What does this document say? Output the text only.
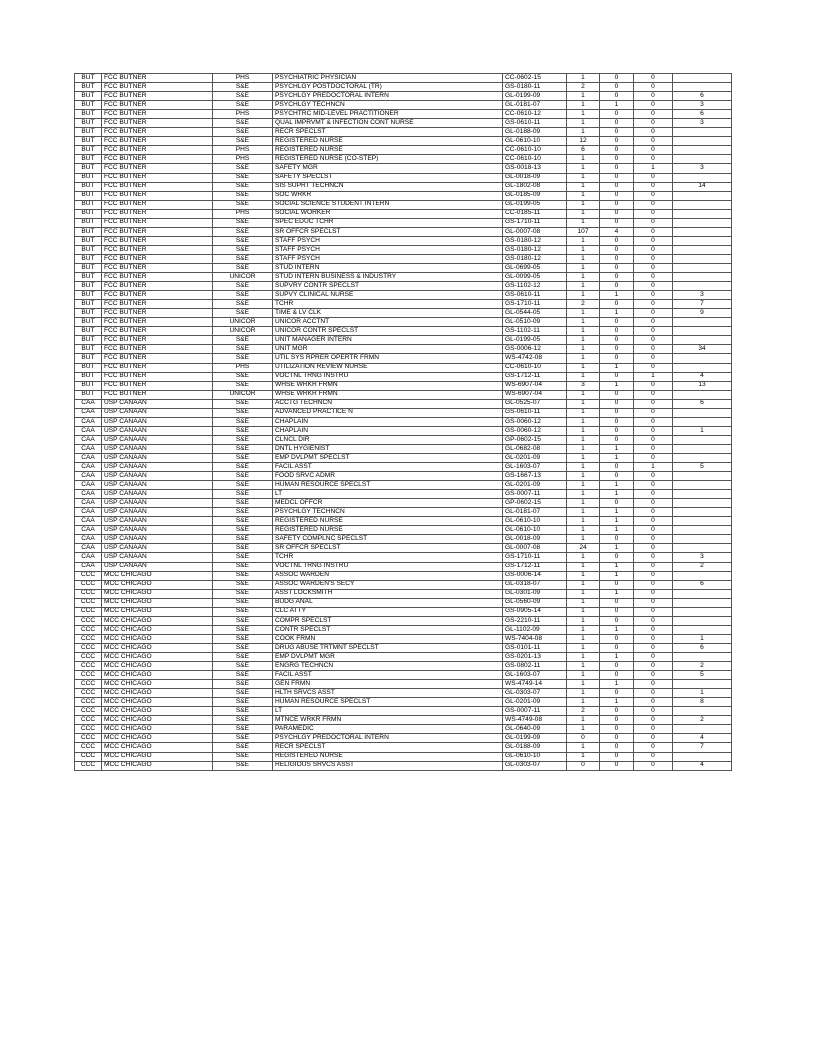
BUT	FCC BUTNER	PHS	PSYCHIATRIC PHYSICIAN	CC-0602-15	1	0	0	
BUT	FCC BUTNER	S&E	PSYCHLGY POSTDOCTORAL (TR)	GS-0180-11	2	0	0	
BUT	FCC BUTNER	S&E	PSYCHLGY PREDOCTORAL INTERN	GL-0199-09	1	0	0	6
BUT	FCC BUTNER	S&E	PSYCHLGY TECHNCN	GL-0181-07	1	1	0	3
BUT	FCC BUTNER	PHS	PSYCHTRC MID-LEVEL PRACTITIONER	CC-0610-12	1	0	0	6
BUT	FCC BUTNER	S&E	QUAL IMPRVMT & INFECTION CONT NURSE	GS-0610-11	1	0	0	3
BUT	FCC BUTNER	S&E	RECR SPECLST	GL-0188-09	1	0	0	
BUT	FCC BUTNER	S&E	REGISTERED NURSE	GL-0610-10	12	0	0	
BUT	FCC BUTNER	PHS	REGISTERED NURSE	CC-0610-10	6	0	0	
BUT	FCC BUTNER	PHS	REGISTERED NURSE (CO-STEP)	CC-0610-10	1	0	0	
BUT	FCC BUTNER	S&E	SAFETY MGR	GS-0018-13	1	0	1	3
BUT	FCC BUTNER	S&E	SAFETY SPECLST	GL-0018-09	1	0	0	
BUT	FCC BUTNER	S&E	SIS SUPRT TECHNCN	GL-1802-08	1	0	0	14
BUT	FCC BUTNER	S&E	SOC WRKR	GL-0185-09	1	0	0	
BUT	FCC BUTNER	S&E	SOCIAL SCIENCE STUDENT INTERN	GL-0199-05	1	0	0	
BUT	FCC BUTNER	PHS	SOCIAL WORKER	CC-0185-11	1	0	0	
BUT	FCC BUTNER	S&E	SPEC EDUC TCHR	GS-1710-11	1	0	0	
BUT	FCC BUTNER	S&E	SR OFFCR SPECLST	GL-0007-08	107	4	0	
BUT	FCC BUTNER	S&E	STAFF PSYCH	GS-0180-12	1	0	0	
BUT	FCC BUTNER	S&E	STAFF PSYCH	GS-0180-12	1	0	0	
BUT	FCC BUTNER	S&E	STAFF PSYCH	GS-0180-12	1	0	0	
BUT	FCC BUTNER	S&E	STUD INTERN	GL-0699-05	1	0	0	
BUT	FCC BUTNER	UNICOR	STUD INTERN BUSINESS & INDUSTRY	GL-0099-05	1	0	0	
BUT	FCC BUTNER	S&E	SUPVRY CONTR SPECLST	GS-1102-12	1	0	0	
BUT	FCC BUTNER	S&E	SUPVY CLINICAL NURSE	GS-0610-11	1	1	0	3
BUT	FCC BUTNER	S&E	TCHR	GS-1710-11	2	0	0	7
BUT	FCC BUTNER	S&E	TIME & LV CLK	GL-0544-05	1	1	0	9
BUT	FCC BUTNER	UNICOR	UNICOR ACCTNT	GL-0510-09	1	0	0	
BUT	FCC BUTNER	UNICOR	UNICOR CONTR SPECLST	GS-1102-11	1	0	0	
BUT	FCC BUTNER	S&E	UNIT MANAGER INTERN	GL-0199-05	1	0	0	
BUT	FCC BUTNER	S&E	UNIT MGR	GS-0006-12	1	0	0	34
BUT	FCC BUTNER	S&E	UTIL SYS RPRER OPERTR FRMN	WS-4742-08	1	0	0	
BUT	FCC BUTNER	PHS	UTILIZATION REVIEW NURSE	CC-0610-10	1	1	0	
BUT	FCC BUTNER	S&E	VOCTNL TRNG INSTRU	GS-1712-11	1	0	1	4
BUT	FCC BUTNER	S&E	WHSE WRKR FRMN	WS-6907-04	3	1	0	13
BUT	FCC BUTNER	UNICOR	WHSE WRKR FRMN	WS-6907-04	1	0	0	
CAA	USP CANAAN	S&E	ACCTG TECHNCN	GL-0525-07	1	0	0	6
CAA	USP CANAAN	S&E	ADVANCED PRACTICE N	GS-0610-11	1	0	0	
CAA	USP CANAAN	S&E	CHAPLAIN	GS-0060-12	1	0	0	
CAA	USP CANAAN	S&E	CHAPLAIN	GS-0060-12	1	0	0	1
CAA	USP CANAAN	S&E	CLNCL DIR	GP-0602-15	1	0	0	
CAA	USP CANAAN	S&E	DNTL HYGIENIST	GL-0682-08	1	1	0	
CAA	USP CANAAN	S&E	EMP DVLPMT SPECLST	GL-0201-09	1	1	0	
CAA	USP CANAAN	S&E	FACIL ASST	GL-1603-07	1	0	1	5
CAA	USP CANAAN	S&E	FOOD SRVC ADMR	GS-1667-13	1	0	0	
CAA	USP CANAAN	S&E	HUMAN RESOURCE SPECLST	GL-0201-09	1	1	0	
CAA	USP CANAAN	S&E	LT	GS-0007-11	1	1	0	
CAA	USP CANAAN	S&E	MEDCL OFFCR	GP-0602-15	1	0	0	
CAA	USP CANAAN	S&E	PSYCHLGY TECHNCN	GL-0181-07	1	1	0	
CAA	USP CANAAN	S&E	REGISTERED NURSE	GL-0610-10	1	1	0	
CAA	USP CANAAN	S&E	REGISTERED NURSE	GL-0610-10	1	1	0	
CAA	USP CANAAN	S&E	SAFETY COMPLNC SPECLST	GL-0018-09	1	0	0	
CAA	USP CANAAN	S&E	SR OFFCR SPECLST	GL-0007-08	24	1	0	
CAA	USP CANAAN	S&E	TCHR	GS-1710-11	1	0	0	3
CAA	USP CANAAN	S&E	VOCTNL TRNG INSTRU	GS-1712-11	1	1	0	2
CCC	MCC CHICAGO	S&E	ASSOC WARDEN	GS-0006-14	1	1	0	
CCC	MCC CHICAGO	S&E	ASSOC WARDEN'S SECY	GL-0318-07	1	0	0	6
CCC	MCC CHICAGO	S&E	ASST LOCKSMITH	GL-0301-09	1	1	0	
CCC	MCC CHICAGO	S&E	BUDG ANAL	GL-0560-09	1	0	0	
CCC	MCC CHICAGO	S&E	CLC ATTY	GS-0905-14	1	0	0	
CCC	MCC CHICAGO	S&E	COMPR SPECLST	GS-2210-11	1	0	0	
CCC	MCC CHICAGO	S&E	CONTR SPECLST	GL-1102-09	1	1	0	
CCC	MCC CHICAGO	S&E	COOK FRMN	WS-7404-08	1	0	0	1
CCC	MCC CHICAGO	S&E	DRUG ABUSE TRTMNT SPECLST	GS-0101-11	1	0	0	6
CCC	MCC CHICAGO	S&E	EMP DVLPMT MGR	GS-0201-13	1	1	0	
CCC	MCC CHICAGO	S&E	ENGRG TECHNCN	GS-0802-11	1	0	0	2
CCC	MCC CHICAGO	S&E	FACIL ASST	GL-1603-07	1	0	0	5
CCC	MCC CHICAGO	S&E	GEN FRMN	WS-4749-14	1	1	0	
CCC	MCC CHICAGO	S&E	HLTH SRVCS ASST	GL-0303-07	1	0	0	1
CCC	MCC CHICAGO	S&E	HUMAN RESOURCE SPECLST	GL-0201-09	1	1	0	8
CCC	MCC CHICAGO	S&E	LT	GS-0007-11	2	0	0	
CCC	MCC CHICAGO	S&E	MTNCE WRKR FRMN	WS-4749-08	1	0	0	2
CCC	MCC CHICAGO	S&E	PARAMEDIC	GL-0640-09	1	0	0	
CCC	MCC CHICAGO	S&E	PSYCHLGY PREDOCTORAL INTERN	GL-0199-09	0	0	0	4
CCC	MCC CHICAGO	S&E	RECR SPECLST	GL-0188-09	1	0	0	7
CCC	MCC CHICAGO	S&E	REGISTERED NURSE	GL-0610-10	1	0	0	
CCC	MCC CHICAGO	S&E	RELIGIOUS SRVCS ASST	GL-0303-07	0	0	0	4
